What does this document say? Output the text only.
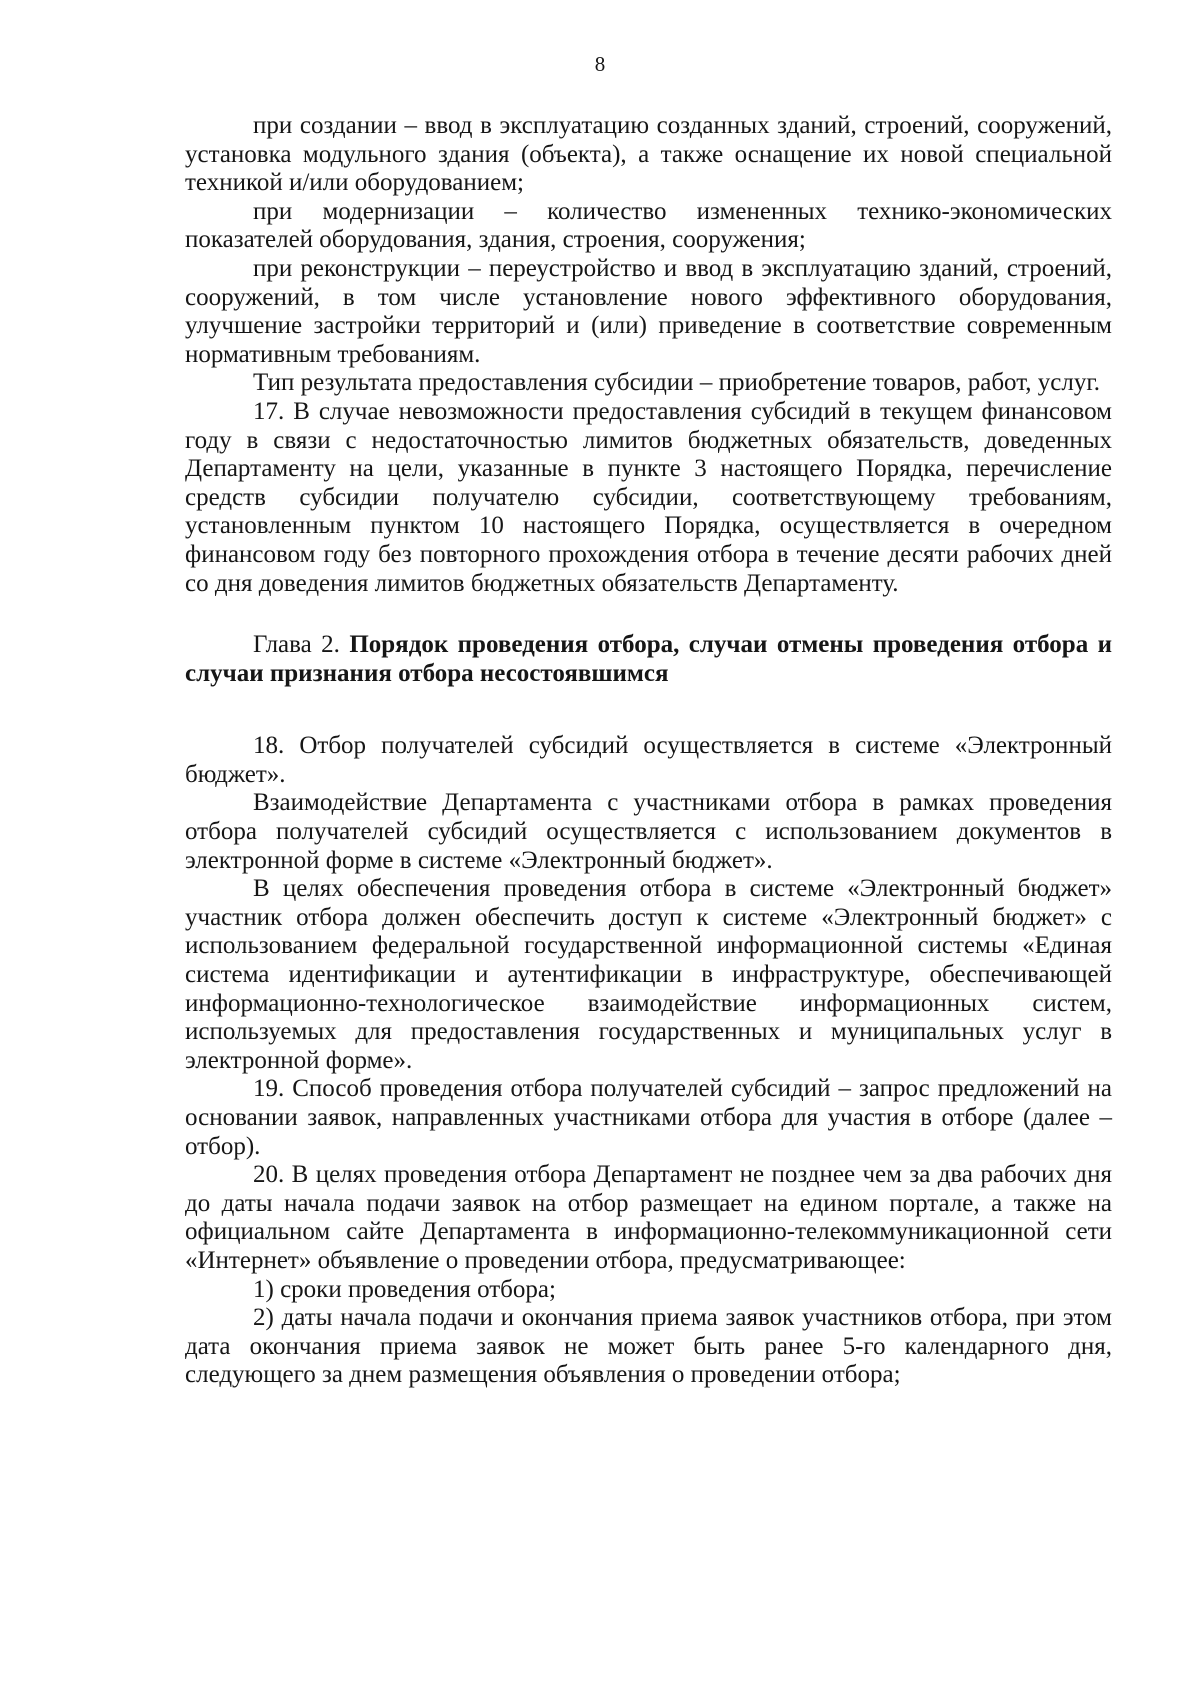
8

при создании – ввод в эксплуатацию созданных зданий, строений, сооружений, установка модульного здания (объекта), а также оснащение их новой специальной техникой и/или оборудованием;

при модернизации – количество измененных технико-экономических показателей оборудования, здания, строения, сооружения;

при реконструкции – переустройство и ввод в эксплуатацию зданий, строений, сооружений, в том числе установление нового эффективного оборудования, улучшение застройки территорий и (или) приведение в соответствие современным нормативным требованиям.

Тип результата предоставления субсидии – приобретение товаров, работ, услуг.

17. В случае невозможности предоставления субсидий в текущем финансовом году в связи с недостаточностью лимитов бюджетных обязательств, доведенных Департаменту на цели, указанные в пункте 3 настоящего Порядка, перечисление средств субсидии получателю субсидии, соответствующему требованиям, установленным пунктом 10 настоящего Порядка, осуществляется в очередном финансовом году без повторного прохождения отбора в течение десяти рабочих дней со дня доведения лимитов бюджетных обязательств Департаменту.

Глава 2. Порядок проведения отбора, случаи отмены проведения отбора и случаи признания отбора несостоявшимся

18. Отбор получателей субсидий осуществляется в системе «Электронный бюджет».

Взаимодействие Департамента с участниками отбора в рамках проведения отбора получателей субсидий осуществляется с использованием документов в электронной форме в системе «Электронный бюджет».

В целях обеспечения проведения отбора в системе «Электронный бюджет» участник отбора должен обеспечить доступ к системе «Электронный бюджет» с использованием федеральной государственной информационной системы «Единая система идентификации и аутентификации в инфраструктуре, обеспечивающей информационно-технологическое взаимодействие информационных систем, используемых для предоставления государственных и муниципальных услуг в электронной форме».

19. Способ проведения отбора получателей субсидий – запрос предложений на основании заявок, направленных участниками отбора для участия в отборе (далее – отбор).

20. В целях проведения отбора Департамент не позднее чем за два рабочих дня до даты начала подачи заявок на отбор размещает на едином портале, а также на официальном сайте Департамента в информационно-телекоммуникационной сети «Интернет» объявление о проведении отбора, предусматривающее:

1) сроки проведения отбора;

2) даты начала подачи и окончания приема заявок участников отбора, при этом дата окончания приема заявок не может быть ранее 5-го календарного дня, следующего за днем размещения объявления о проведении отбора;
